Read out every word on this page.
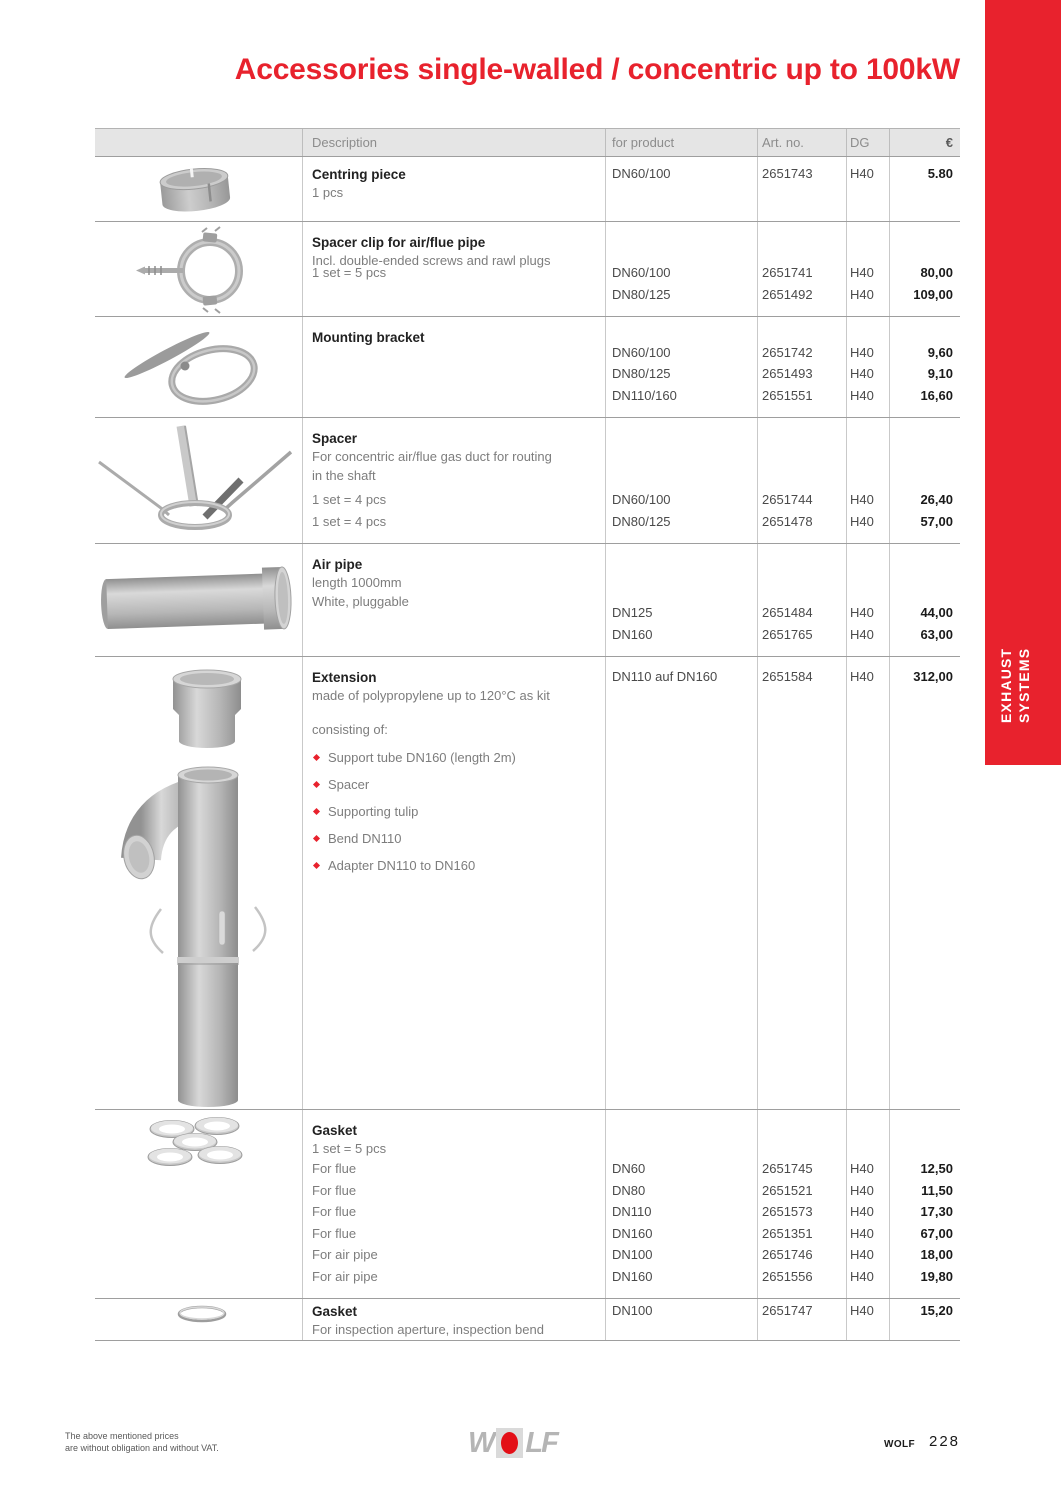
EXHAUST SYSTEMS
Accessories single-walled / concentric up to 100kW
Description	for product	Art. no.	DG	€
Centring piece
1 pcs
DN60/100	2651743	H40	5.80
Spacer clip for air/flue pipe
Incl. double-ended screws and rawl plugs
1 set = 5 pcs	DN60/100	2651741	H40	80,00
DN80/125	2651492	H40	109,00
Mounting bracket
DN60/100	2651742	H40	9,60
DN80/125	2651493	H40	9,10
DN110/160	2651551	H40	16,60
Spacer
For concentric air/flue gas duct for routing
in the shaft
1 set = 4 pcs	DN60/100	2651744	H40	26,40
1 set = 4 pcs	DN80/125	2651478	H40	57,00
Air pipe
length 1000mm
White, pluggable
DN125	2651484	H40	44,00
DN160	2651765	H40	63,00
Extension
made of polypropylene up to 120°C as kit
consisting of:
Support tube DN160 (length 2m)
Spacer
Supporting tulip
Bend DN110
Adapter DN110 to DN160
DN110 auf DN160	2651584	H40	312,00
Gasket
1 set = 5 pcs
For flue	DN60	2651745	H40	12,50
For flue	DN80	2651521	H40	11,50
For flue	DN110	2651573	H40	17,30
For flue	DN160	2651351	H40	67,00
For air pipe	DN100	2651746	H40	18,00
For air pipe	DN160	2651556	H40	19,80
Gasket
For inspection aperture, inspection bend
DN100	2651747	H40	15,20
The above mentioned prices
are without obligation and without VAT.	W LF	WOLF 228
